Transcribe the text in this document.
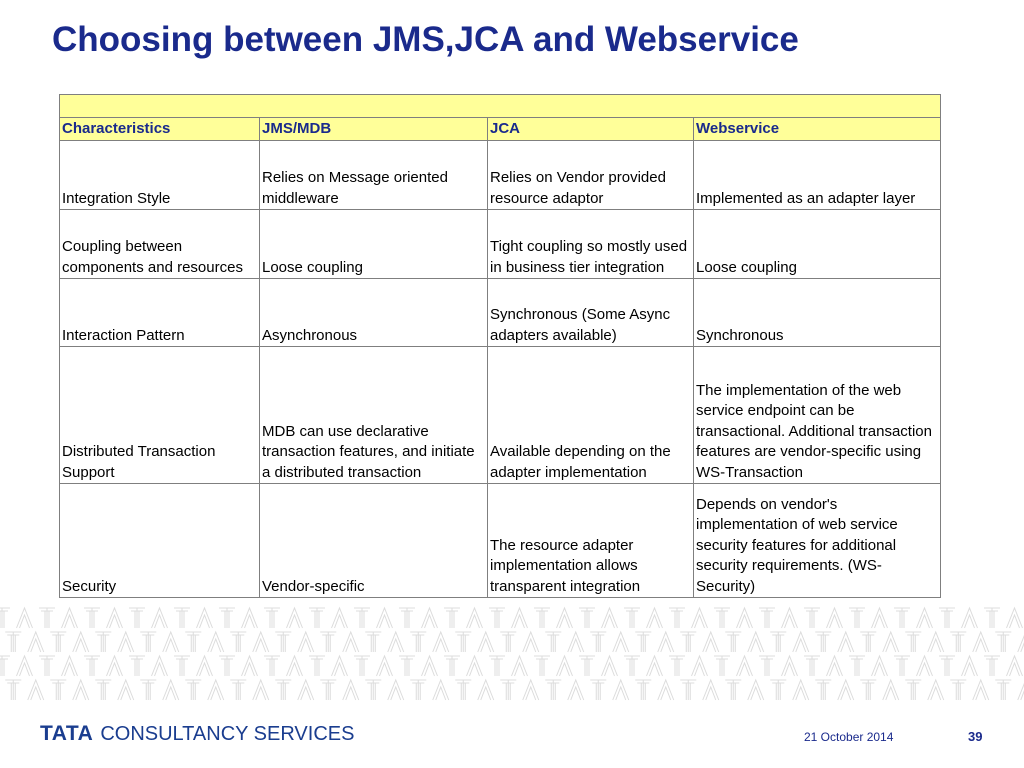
Choosing between JMS,JCA and Webservice

Characteristics	JMS/MDB	JCA	Webservice
Integration Style	Relies on Message oriented middleware	Relies on Vendor provided resource adaptor	Implemented as an adapter layer
Coupling between components and resources	Loose coupling	Tight coupling so mostly used in business tier integration	Loose coupling
Interaction Pattern	Asynchronous	Synchronous (Some Async adapters available)	Synchronous
Distributed Transaction Support	MDB can use declarative transaction features, and initiate a distributed transaction	Available depending on the adapter implementation	The implementation of the web service endpoint can be transactional. Additional transaction features are vendor-specific using WS-Transaction
Security	Vendor-specific	The resource adapter implementation allows transparent integration	Depends on vendor's implementation of web service security features for additional security requirements. (WS-Security)
TATA CONSULTANCY SERVICES	21 October 2014	39
